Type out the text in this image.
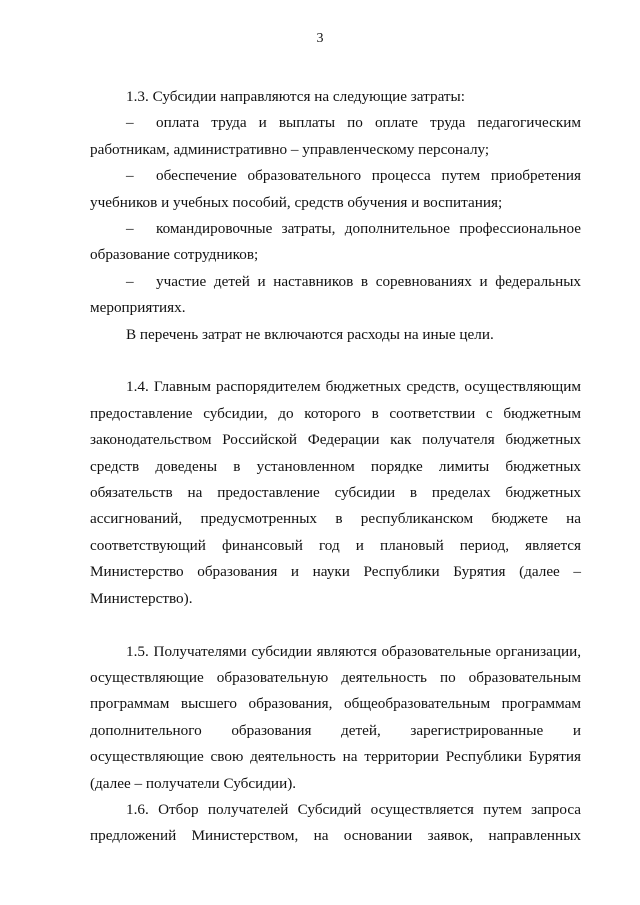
3

1.3. Субсидии направляются на следующие затраты:

– оплата труда и выплаты по оплате труда педагогическим работникам, административно – управленческому персоналу;

– обеспечение образовательного процесса путем приобретения учебников и учебных пособий, средств обучения и воспитания;

– командировочные затраты, дополнительное профессиональное образование сотрудников;

– участие детей и наставников в соревнованиях и федеральных мероприятиях.

В перечень затрат не включаются расходы на иные цели.

1.4. Главным распорядителем бюджетных средств, осуществляющим предоставление субсидии, до которого в соответствии с бюджетным законодательством Российской Федерации как получателя бюджетных средств доведены в установленном порядке лимиты бюджетных обязательств на предоставление субсидии в пределах бюджетных ассигнований, предусмотренных в республиканском бюджете на соответствующий финансовый год и плановый период, является Министерство образования и науки Республики Бурятия (далее – Министерство).

1.5. Получателями субсидии являются образовательные организации, осуществляющие образовательную деятельность по образовательным программам высшего образования, общеобразовательным программам дополнительного образования детей, зарегистрированные и осуществляющие свою деятельность на территории Республики Бурятия (далее – получатели Субсидии).

1.6. Отбор получателей Субсидий осуществляется путем запроса предложений Министерством, на основании заявок, направленных
